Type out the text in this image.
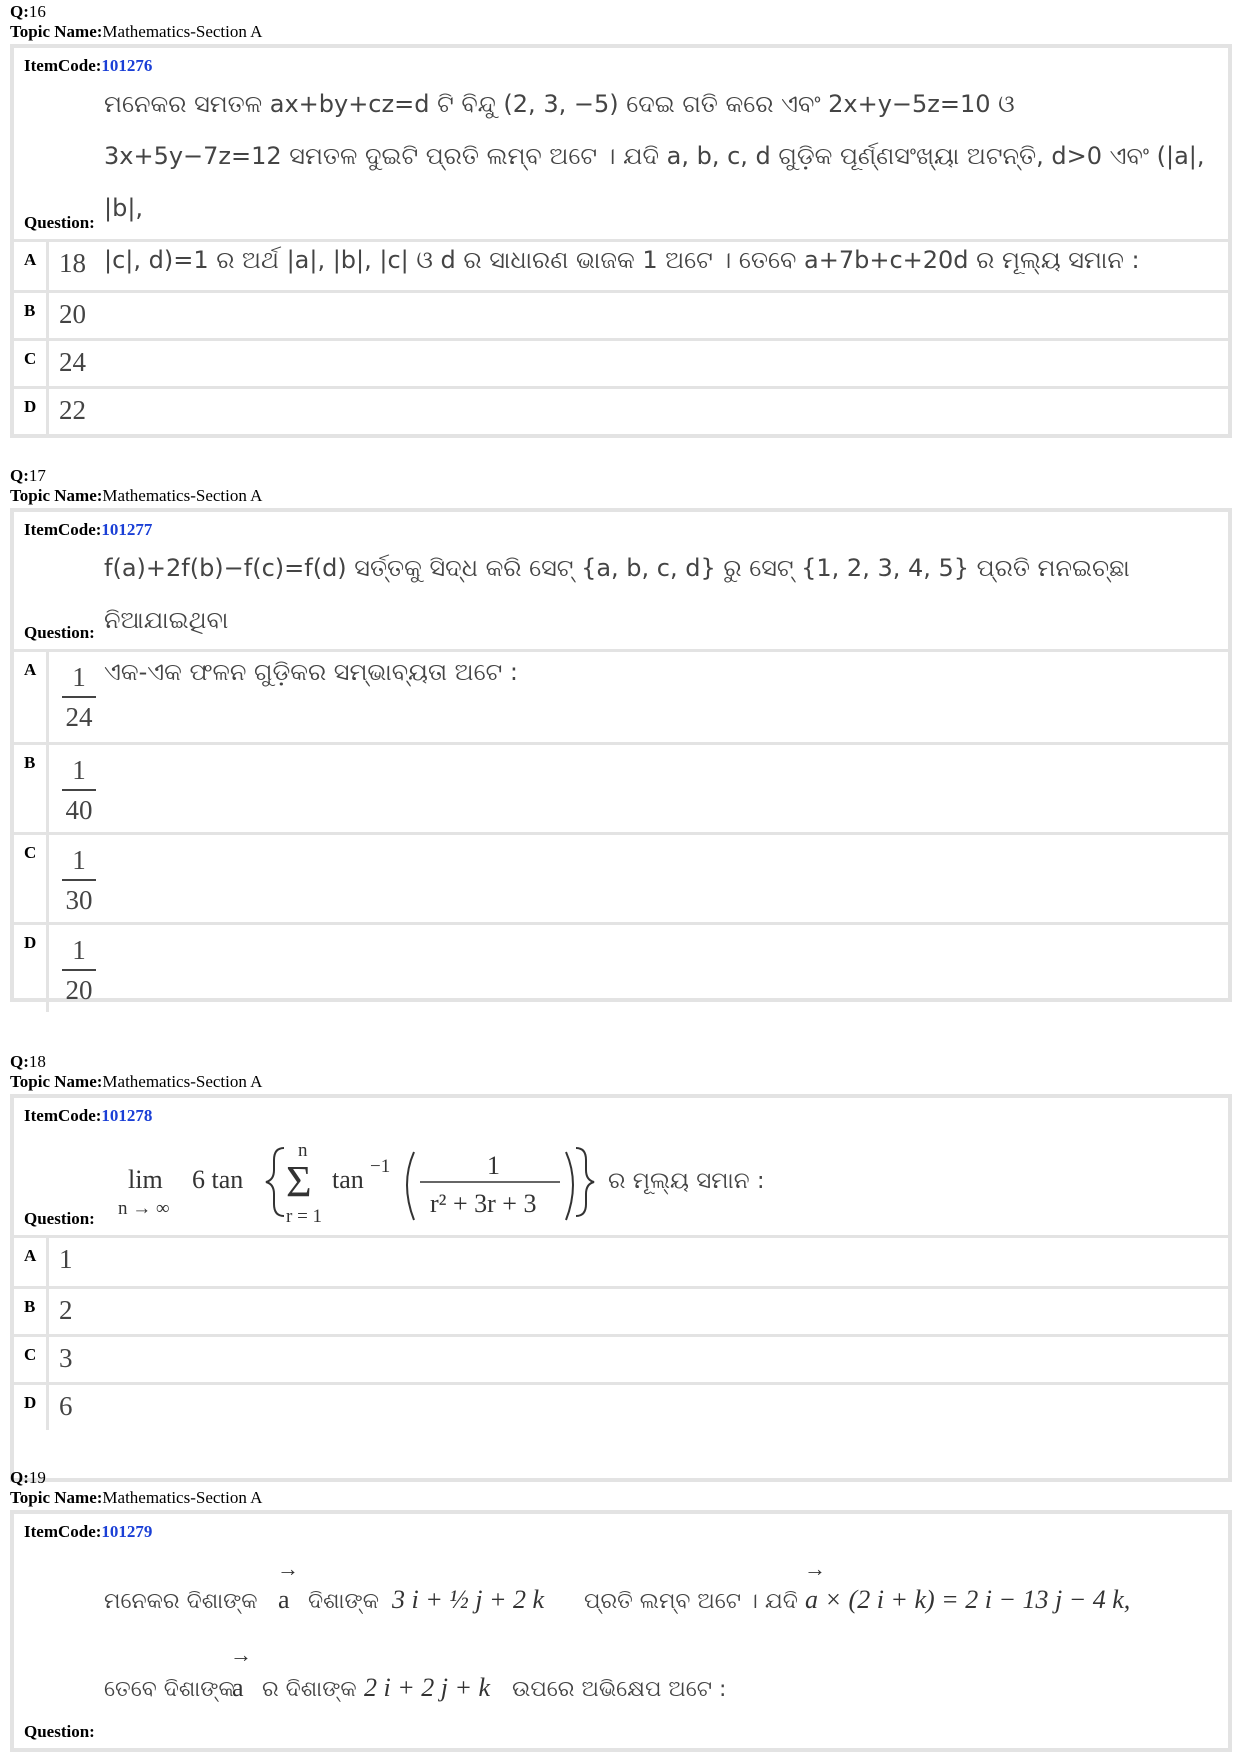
Q:16
Topic Name:Mathematics-Section A
ItemCode:101276
ମନେକର ସମତଳ ax+by+cz=d ଟି ବିନ୍ଦୁ (2, 3, −5) ଦେଇ ଗତି କରେ ଏବଂ 2x+y−5z=10 ଓ
3x+5y−7z=12 ସମତଳ ଦୁଇଟି ପ୍ରତି ଲମ୍ବ ଅଟେ । ଯଦି a, b, c, d ଗୁଡ଼ିକ ପୂର୍ଣ୍ଣସଂଖ୍ୟା ଅଟନ୍ତି, d>0 ଏବଂ (|a|, |b|,
|c|, d)=1 ର ଅର୍ଥ |a|, |b|, |c| ଓ d ର ସାଧାରଣ ଭାଜକ 1 ଅଟେ । ତେବେ a+7b+c+20d ର ମୂଲ୍ୟ ସମାନ :
Question:
A 18
B 20
C 24
D 22
Q:17
Topic Name:Mathematics-Section A
ItemCode:101277
f(a)+2f(b)−f(c)=f(d) ସର୍ତ୍ତକୁ ସିଦ୍ଧ କରି ସେଟ୍ {a, b, c, d} ରୁ ସେଟ୍ {1, 2, 3, 4, 5} ପ୍ରତି ମନଇଚ୍ଛା ନିଆଯାଇଥିବା
ଏକ-ଏକ ଫଳନ ଗୁଡ଼ିକର ସମ୍ଭାବ୍ୟତା ଅଟେ :
Question:
A $\frac{1}{24}$
B $\frac{1}{40}$
C $\frac{1}{30}$
D $\frac{1}{20}$
Q:18
Topic Name:Mathematics-Section A
ItemCode:101278
lim
n → ∞
6 tan
n
Σ
r = 1
tan −1	1
r² + 3r + 3
ର ମୂଲ୍ୟ ସମାନ :
Question:
A 1
B 2
C 3
D 6
Q:19
Topic Name:Mathematics-Section A
ItemCode:101279
ମନେକର ଦିଶାଙ୍କ
→
a ଦିଶାଙ୍କ 3 i + ½ j + 2 k ପ୍ରତି ଲମ୍ବ ଅଟେ । ଯଦି
→
a × (2 i + k) = 2 i − 13 j − 4 k,
ତେବେ ଦିଶାଙ୍କ
→
a ର ଦିଶାଙ୍କ 2 i + 2 j + k ଉପରେ ଅଭିକ୍ଷେପ ଅଟେ :
Question:
